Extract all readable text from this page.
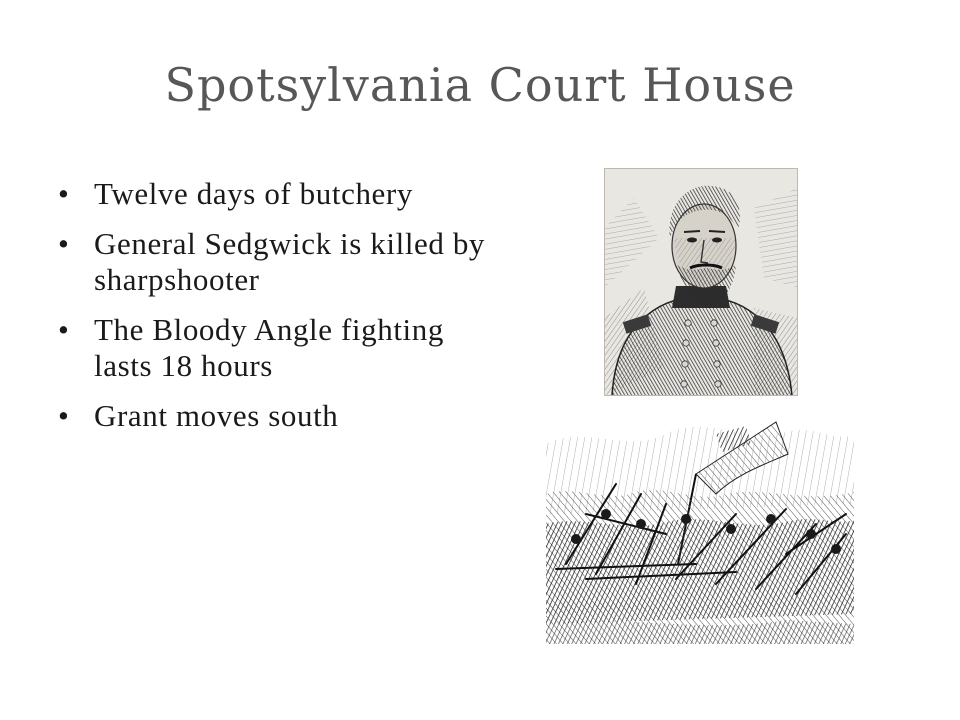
Spotsylvania Court House
• Twelve days of butchery
• General Sedgwick is killed by sharpshooter
• The Bloody Angle fighting lasts 18 hours
• Grant moves south
